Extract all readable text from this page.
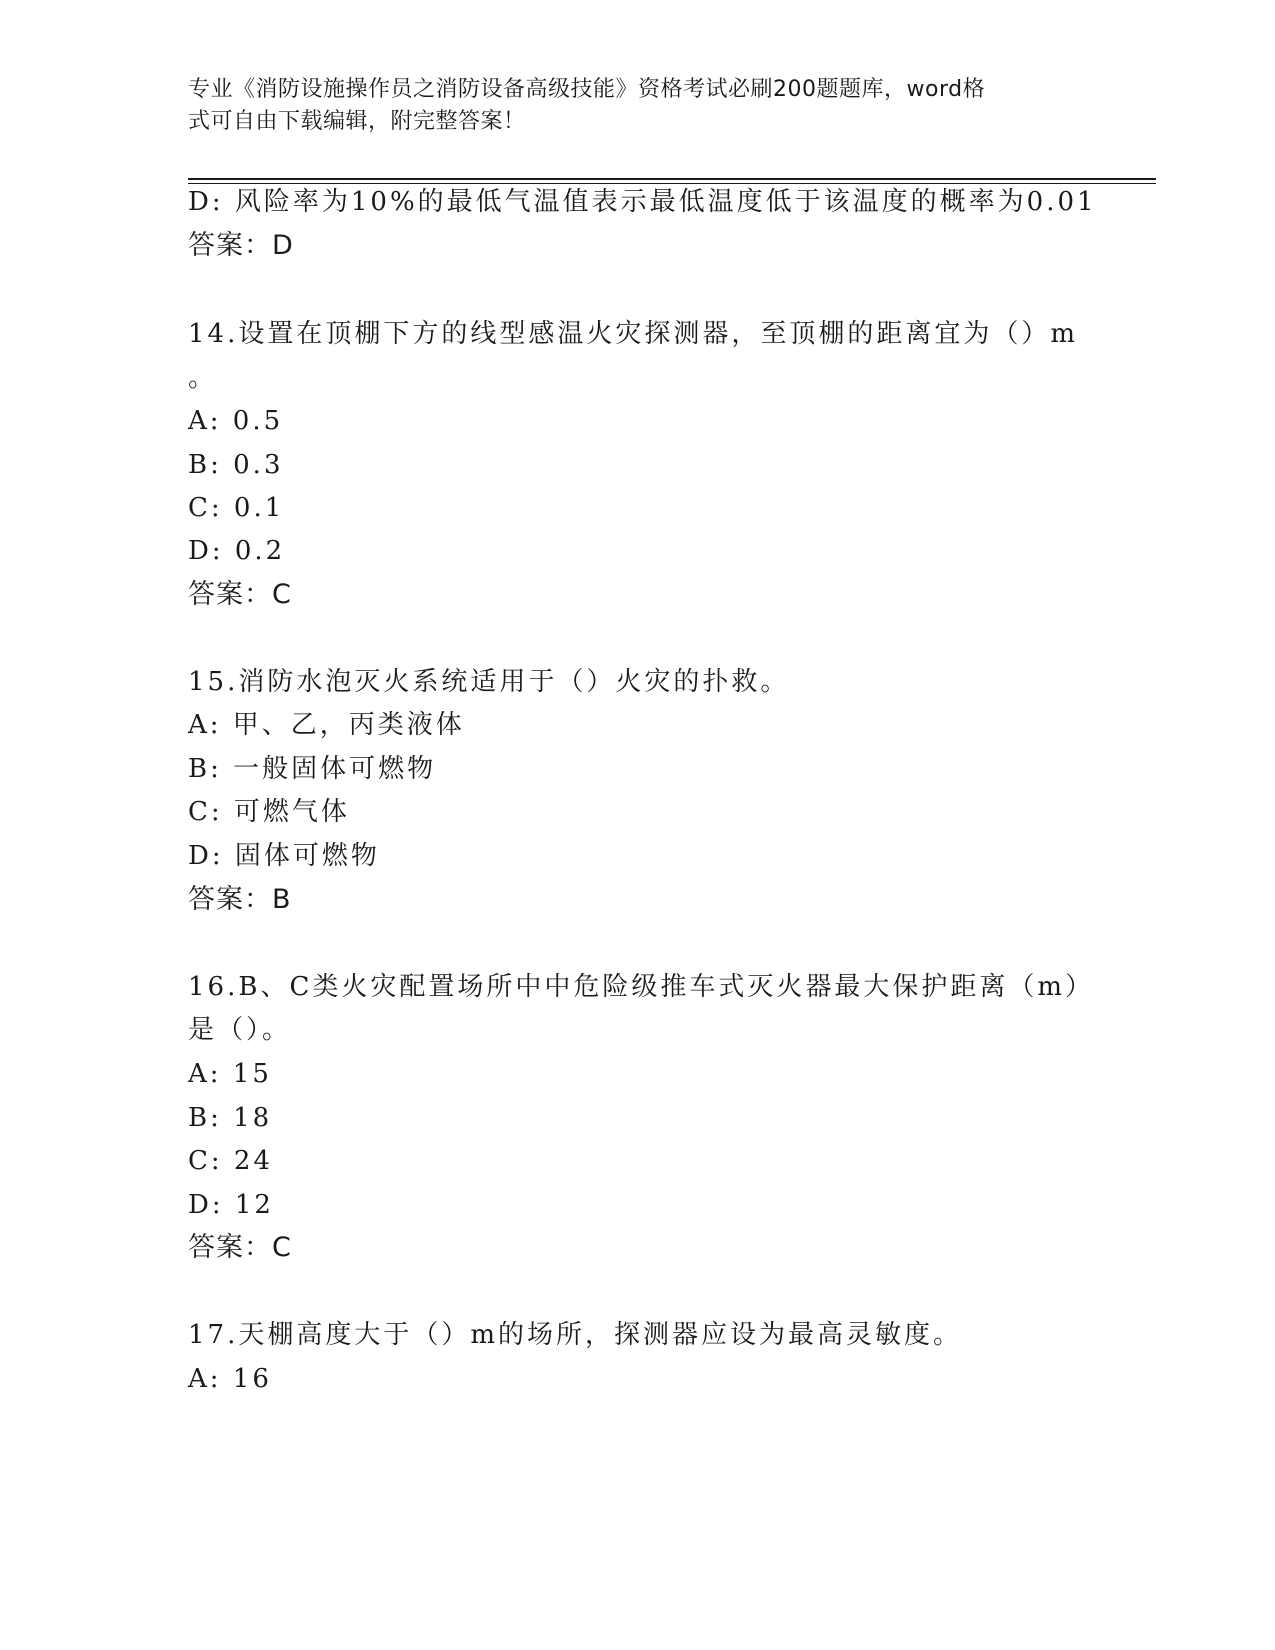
专业《消防设施操作员之消防设备高级技能》资格考试必刷200题题库，word格
式可自由下载编辑，附完整答案！
D: 风险率为10%的最低气温值表示最低温度低于该温度的概率为0.01
答案：D
14.设置在顶棚下方的线型感温火灾探测器，至顶棚的距离宜为（）m
。
A: 0.5
B: 0.3
C: 0.1
D: 0.2
答案：C
15.消防水泡灭火系统适用于（）火灾的扑救。
A: 甲、乙，丙类液体
B: 一般固体可燃物
C: 可燃气体
D: 固体可燃物
答案：B
16.B、C类火灾配置场所中中危险级推车式灭火器最大保护距离（m）
是（）。
A: 15
B: 18
C: 24
D: 12
答案：C
17.天棚高度大于（）m的场所，探测器应设为最高灵敏度。
A: 16
